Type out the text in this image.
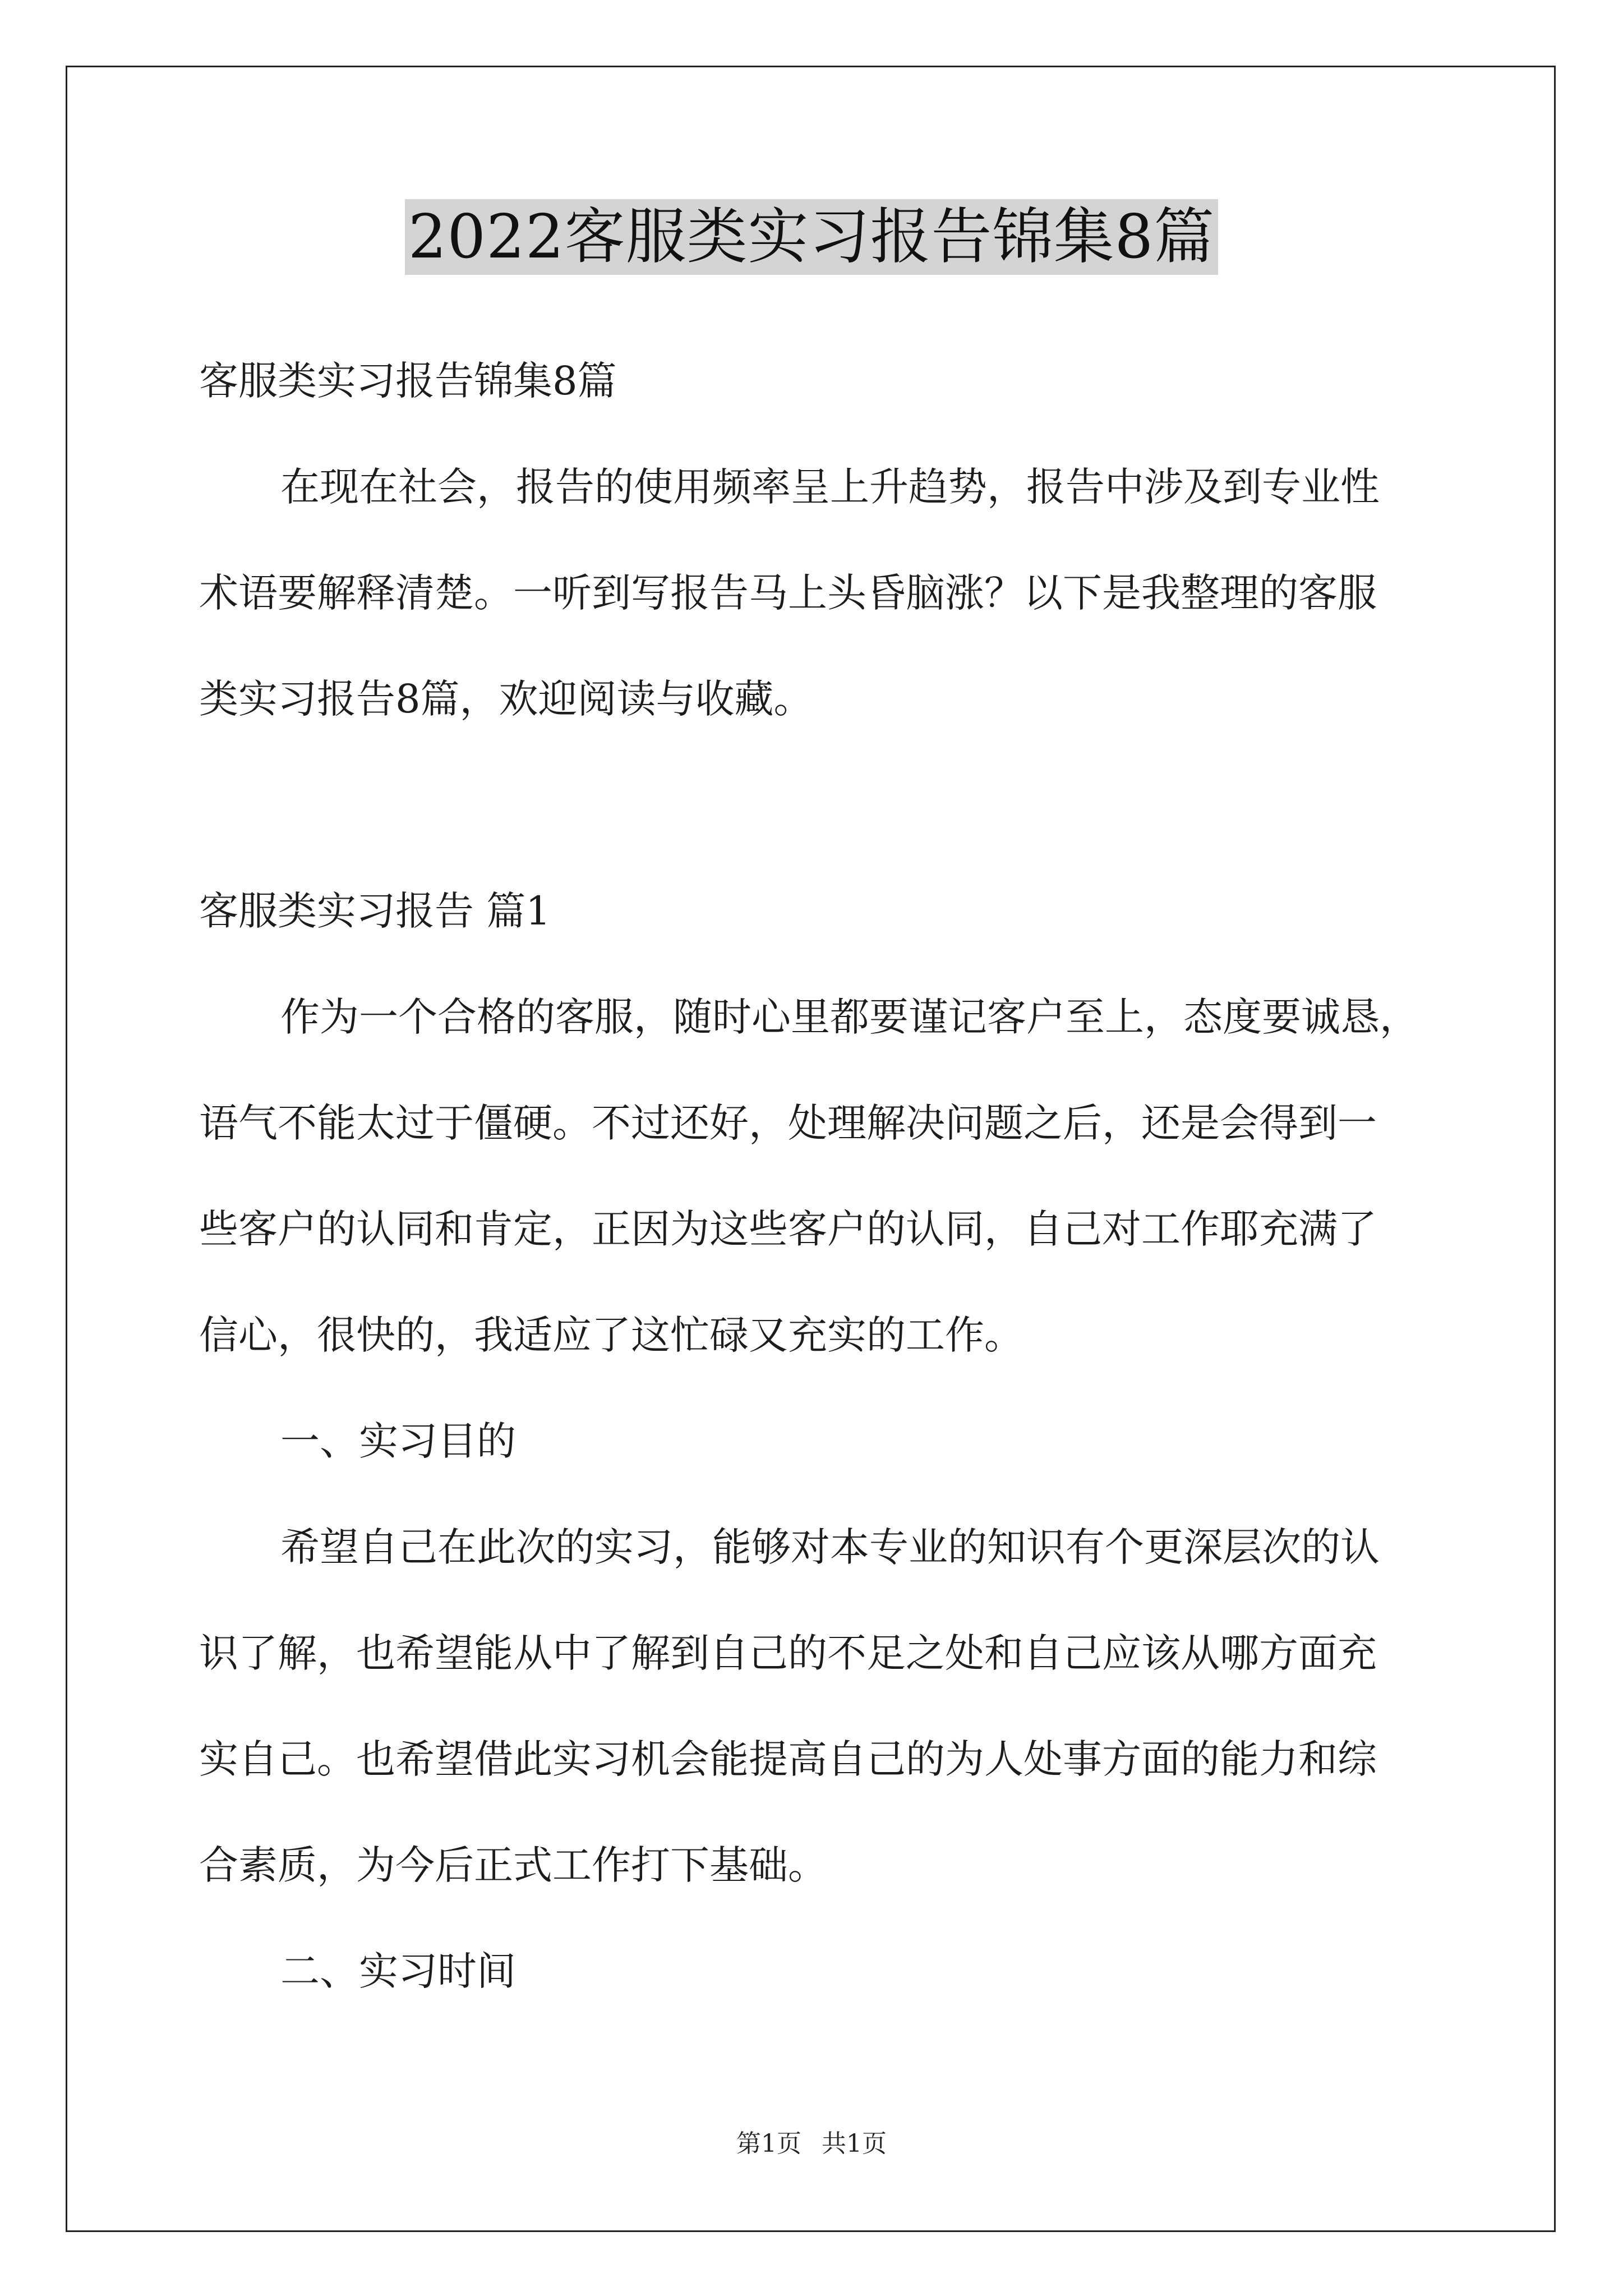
2022客服类实习报告锦集8篇
客服类实习报告锦集8篇
在现在社会，报告的使用频率呈上升趋势，报告中涉及到专业性
术语要解释清楚。一听到写报告马上头昏脑涨？以下是我整理的客服
类实习报告8篇，欢迎阅读与收藏。
客服类实习报告 篇1
作为一个合格的客服，随时心里都要谨记客户至上，态度要诚恳，
语气不能太过于僵硬。不过还好，处理解决问题之后，还是会得到一
些客户的认同和肯定，正因为这些客户的认同，自己对工作耶充满了
信心，很快的，我适应了这忙碌又充实的工作。
一、实习目的
希望自己在此次的实习，能够对本专业的知识有个更深层次的认
识了解，也希望能从中了解到自己的不足之处和自己应该从哪方面充
实自己。也希望借此实习机会能提高自己的为人处事方面的能力和综
合素质，为今后正式工作打下基础。
二、实习时间
第1页 共1页
